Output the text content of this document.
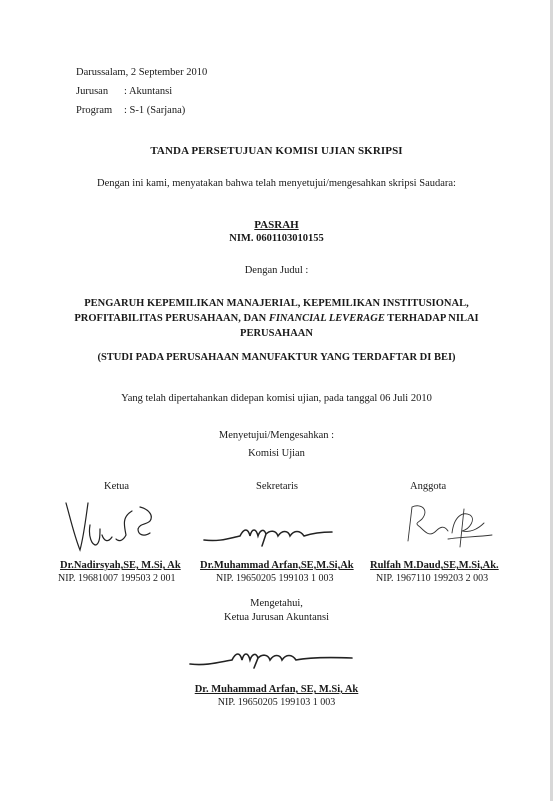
Darussalam, 2 September 2010
Jurusan : Akuntansi
Program : S-1 (Sarjana)
TANDA PERSETUJUAN KOMISI UJIAN SKRIPSI
Dengan ini kami, menyatakan bahwa telah menyetujui/mengesahkan skripsi Saudara:
PASRAH
NIM. 0601103010155
Dengan Judul :
PENGARUH KEPEMILIKAN MANAJERIAL, KEPEMILIKAN INSTITUSIONAL,
PROFITABILITAS PERUSAHAAN, DAN FINANCIAL LEVERAGE TERHADAP NILAI
PERUSAHAAN
(STUDI PADA PERUSAHAAN MANUFAKTUR YANG TERDAFTAR DI BEI)
Yang telah dipertahankan didepan komisi ujian, pada tanggal 06 Juli 2010
Menyetujui/Mengesahkan :
Komisi Ujian
Ketua	Sekretaris	Anggota
Dr.Nadirsyah,SE, M.Si, Ak
NIP. 19681007 199503 2 001
Dr.Muhammad Arfan,SE,M.Si,Ak
NIP. 19650205 199103 1 003
Rulfah M.Daud,SE,M.Si,Ak.
NIP. 1967110 199203 2 003
Mengetahui,
Ketua Jurusan Akuntansi
Dr. Muhammad Arfan, SE, M.Si, Ak
NIP. 19650205 199103 1 003
